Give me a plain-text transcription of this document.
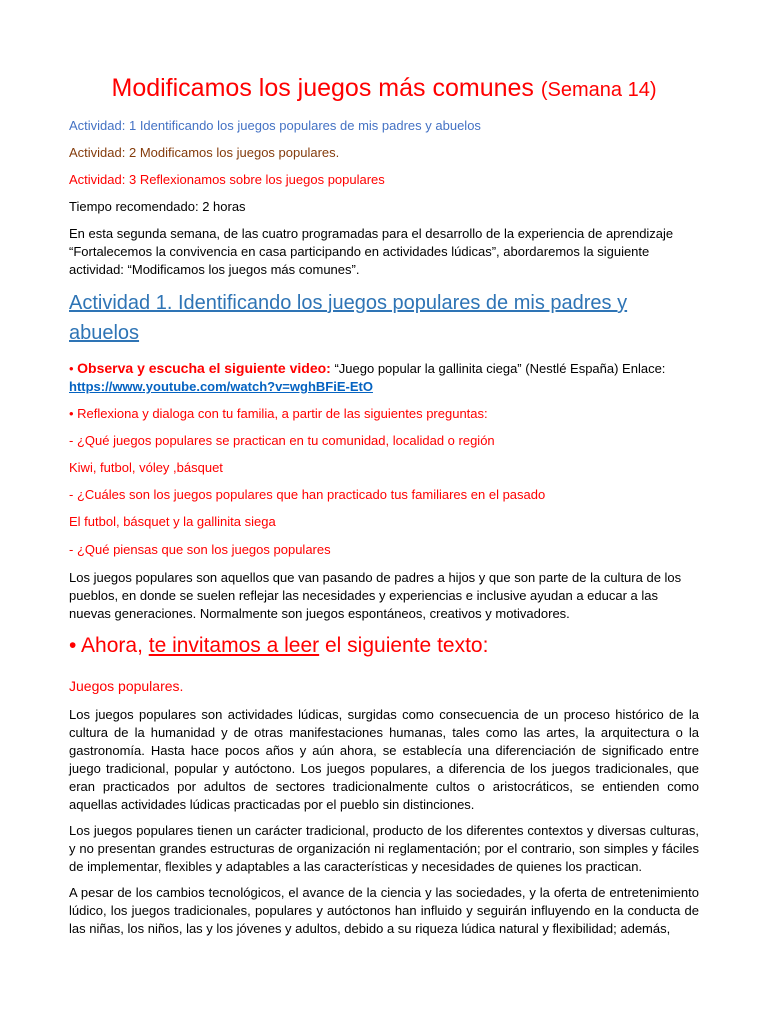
Modificamos los juegos más comunes (Semana 14)

Actividad: 1 Identificando los juegos populares de mis padres y abuelos

Actividad: 2 Modificamos los juegos populares.

Actividad: 3 Reflexionamos sobre los juegos populares

Tiempo recomendado: 2 horas

En esta segunda semana, de las cuatro programadas para el desarrollo de la experiencia de aprendizaje “Fortalecemos la convivencia en casa participando en actividades lúdicas”, abordaremos la siguiente actividad: “Modificamos los juegos más comunes”.

Actividad 1. Identificando los juegos populares de mis padres y abuelos

• Observa y escucha el siguiente video: “Juego popular la gallinita ciega” (Nestlé España) Enlace:
https://www.youtube.com/watch?v=wghBFiE-EtO

• Reflexiona y dialoga con tu familia, a partir de las siguientes preguntas:

- ¿Qué juegos populares se practican en tu comunidad, localidad o región

Kiwi, futbol, vóley ,básquet

- ¿Cuáles son los juegos populares que han practicado tus familiares en el pasado

El futbol, básquet y la gallinita siega

- ¿Qué piensas que son los juegos populares

Los juegos populares son aquellos que van pasando de padres a hijos y que son parte de la cultura de los pueblos, en donde se suelen reflejar las necesidades y experiencias e inclusive ayudan a educar a las nuevas generaciones. Normalmente son juegos espontáneos, creativos y motivadores.

• Ahora, te invitamos a leer el siguiente texto:

Juegos populares.

Los juegos populares son actividades lúdicas, surgidas como consecuencia de un proceso histórico de la cultura de la humanidad y de otras manifestaciones humanas, tales como las artes, la arquitectura o la gastronomía. Hasta hace pocos años y aún ahora, se establecía una diferenciación de significado entre juego tradicional, popular y autóctono. Los juegos populares, a diferencia de los juegos tradicionales, que eran practicados por adultos de sectores tradicionalmente cultos o aristocráticos, se entienden como aquellas actividades lúdicas practicadas por el pueblo sin distinciones.

Los juegos populares tienen un carácter tradicional, producto de los diferentes contextos y diversas culturas, y no presentan grandes estructuras de organización ni reglamentación; por el contrario, son simples y fáciles de implementar, flexibles y adaptables a las características y necesidades de quienes los practican.

A pesar de los cambios tecnológicos, el avance de la ciencia y las sociedades, y la oferta de entretenimiento lúdico, los juegos tradicionales, populares y autóctonos han influido y seguirán influyendo en la conducta de las niñas, los niños, las y los jóvenes y adultos, debido a su riqueza lúdica natural y flexibilidad; además,
